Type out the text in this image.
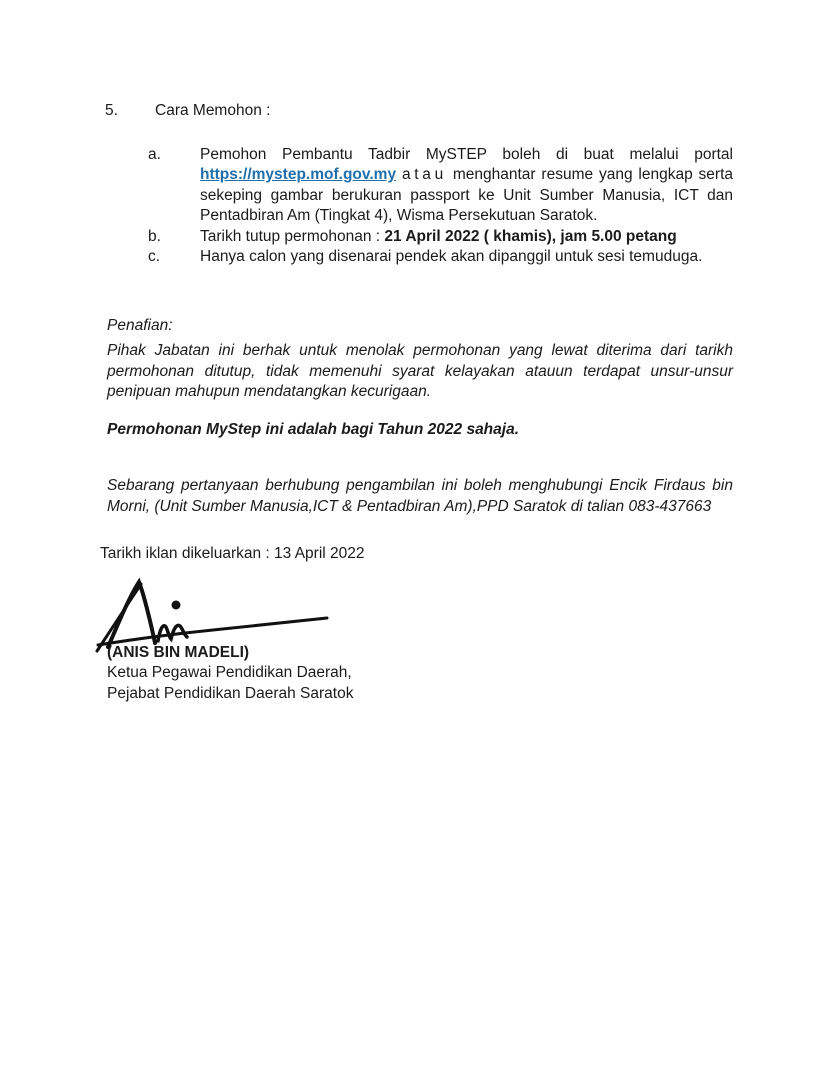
5.	Cara Memohon :
a.	Pemohon Pembantu Tadbir MySTEP boleh di buat melalui portal https://mystep.mof.gov.my atau menghantar resume yang lengkap serta sekeping gambar berukuran passport ke Unit Sumber Manusia, ICT dan Pentadbiran Am (Tingkat 4), Wisma Persekutuan Saratok.
b.	Tarikh tutup permohonan : 21 April 2022 ( khamis), jam 5.00 petang
c.	Hanya calon yang disenarai pendek akan dipanggil untuk sesi temuduga.
Penafian:
Pihak Jabatan ini berhak untuk menolak permohonan yang lewat diterima dari tarikh permohonan ditutup, tidak memenuhi syarat kelayakan atauun terdapat unsur-unsur penipuan mahupun mendatangkan kecurigaan.
Permohonan MyStep ini adalah bagi Tahun 2022 sahaja.
Sebarang pertanyaan berhubung pengambilan ini boleh menghubungi Encik Firdaus bin Morni, (Unit Sumber Manusia,ICT & Pentadbiran Am),PPD Saratok di talian 083-437663
Tarikh iklan dikeluarkan : 13 April 2022
(ANIS BIN MADELI)
Ketua Pegawai Pendidikan Daerah,
Pejabat Pendidikan Daerah Saratok
